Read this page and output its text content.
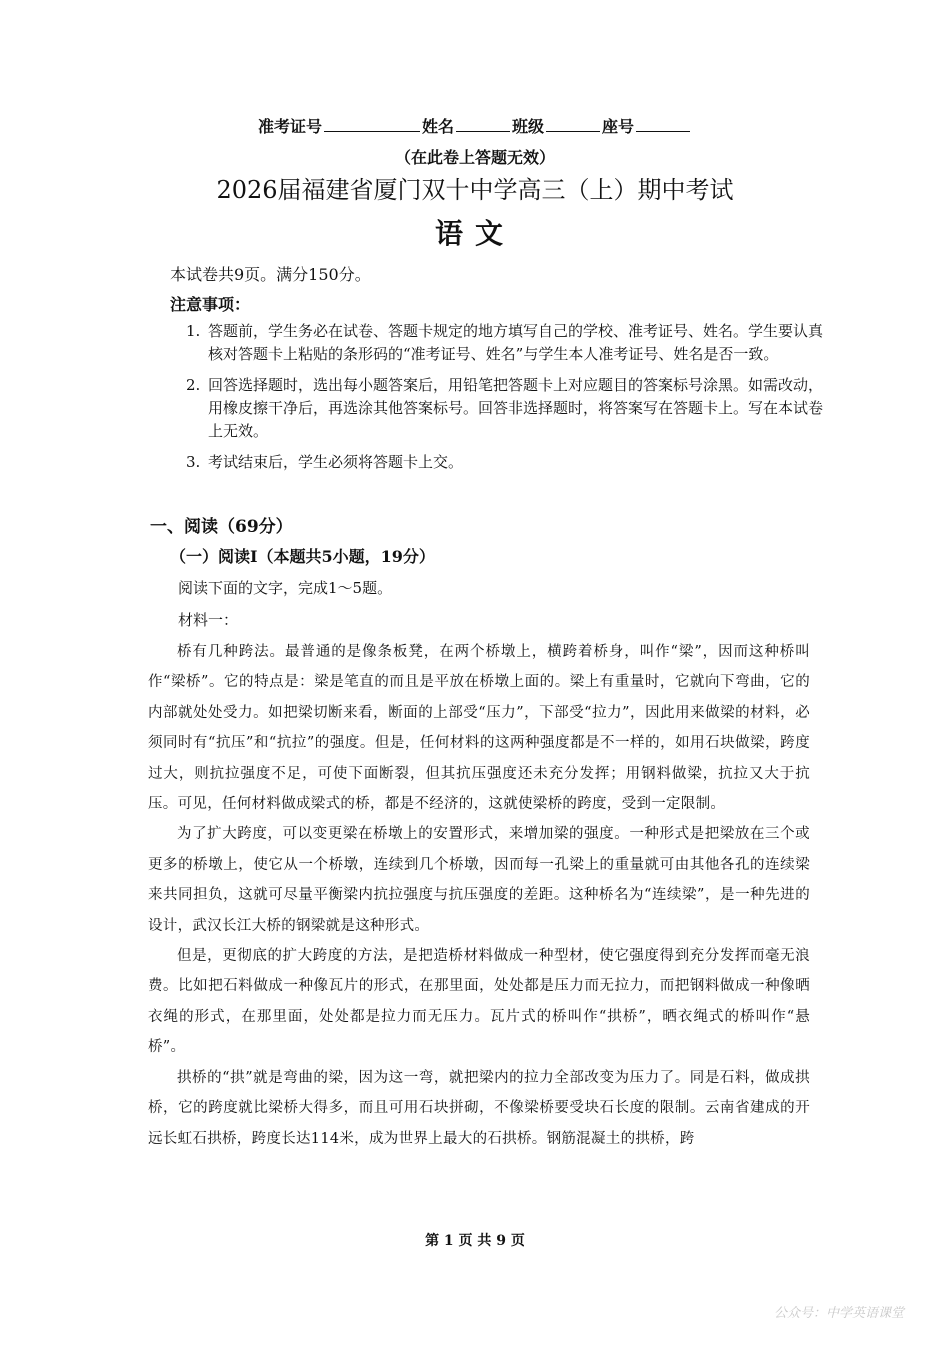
准考证号	姓名	班级	座号
（在此卷上答题无效）
2026届福建省厦门双十中学高三（上）期中考试
语文
本试卷共9页。满分150分。
注意事项：
1. 答题前，学生务必在试卷、答题卡规定的地方填写自己的学校、准考证号、姓名。学生要认真核对答题卡上粘贴的条形码的“准考证号、姓名”与学生本人准考证号、姓名是否一致。
2. 回答选择题时，选出每小题答案后，用铅笔把答题卡上对应题目的答案标号涂黑。如需改动，用橡皮擦干净后，再选涂其他答案标号。回答非选择题时，将答案写在答题卡上。写在本试卷上无效。
3. 考试结束后，学生必须将答题卡上交。
一、阅读（69分）
（一）阅读Ⅰ（本题共5小题，19分）
阅读下面的文字，完成1～5题。
材料一：

桥有几种跨法。最普通的是像条板凳，在两个桥墩上，横跨着桥身，叫作“梁”，因而这种桥叫作“梁桥”。它的特点是：梁是笔直的而且是平放在桥墩上面的。梁上有重量时，它就向下弯曲，它的内部就处处受力。如把梁切断来看，断面的上部受“压力”，下部受“拉力”，因此用来做梁的材料，必须同时有“抗压”和“抗拉”的强度。但是，任何材料的这两种强度都是不一样的，如用石块做梁，跨度过大，则抗拉强度不足，可使下面断裂，但其抗压强度还未充分发挥；用钢料做梁，抗拉又大于抗压。可见，任何材料做成梁式的桥，都是不经济的，这就使梁桥的跨度，受到一定限制。

为了扩大跨度，可以变更梁在桥墩上的安置形式，来增加梁的强度。一种形式是把梁放在三个或更多的桥墩上，使它从一个桥墩，连续到几个桥墩，因而每一孔梁上的重量就可由其他各孔的连续梁来共同担负，这就可尽量平衡梁内抗拉强度与抗压强度的差距。这种桥名为“连续梁”，是一种先进的设计，武汉长江大桥的钢梁就是这种形式。

但是，更彻底的扩大跨度的方法，是把造桥材料做成一种型材，使它强度得到充分发挥而毫无浪费。比如把石料做成一种像瓦片的形式，在那里面，处处都是压力而无拉力，而把钢料做成一种像晒衣绳的形式，在那里面，处处都是拉力而无压力。瓦片式的桥叫作“拱桥”，晒衣绳式的桥叫作“悬桥”。

拱桥的“拱”就是弯曲的梁，因为这一弯，就把梁内的拉力全部改变为压力了。同是石料，做成拱桥，它的跨度就比梁桥大得多，而且可用石块拼砌，不像梁桥要受块石长度的限制。云南省建成的开远长虹石拱桥，跨度长达114米，成为世界上最大的石拱桥。钢筋混凝土的拱桥，跨

第 1 页 共 9 页
公众号：中学英语课堂
